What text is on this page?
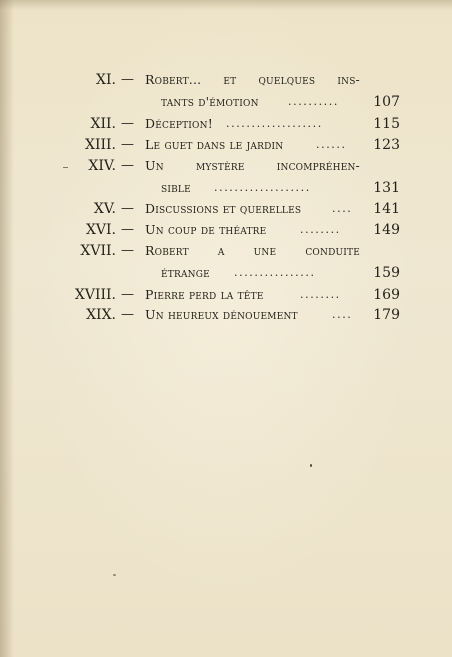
XI. — Robert... et quelques ins-
tants d'émotion	..........	107
XII. — Déception! ...................	115
XIII. — Le guet dans le jardin	......	123
XIV. — Un	mystère	incompréhen-
sible ...................	131
XV. — Discussions et querelles	....	141
XVI. — Un coup de théatre	........	149
XVII. — Robert a une conduite
étrange ................	159
XVIII. — Pierre perd la tête	........	169
XIX. — Un heureux dénouement	....	179
